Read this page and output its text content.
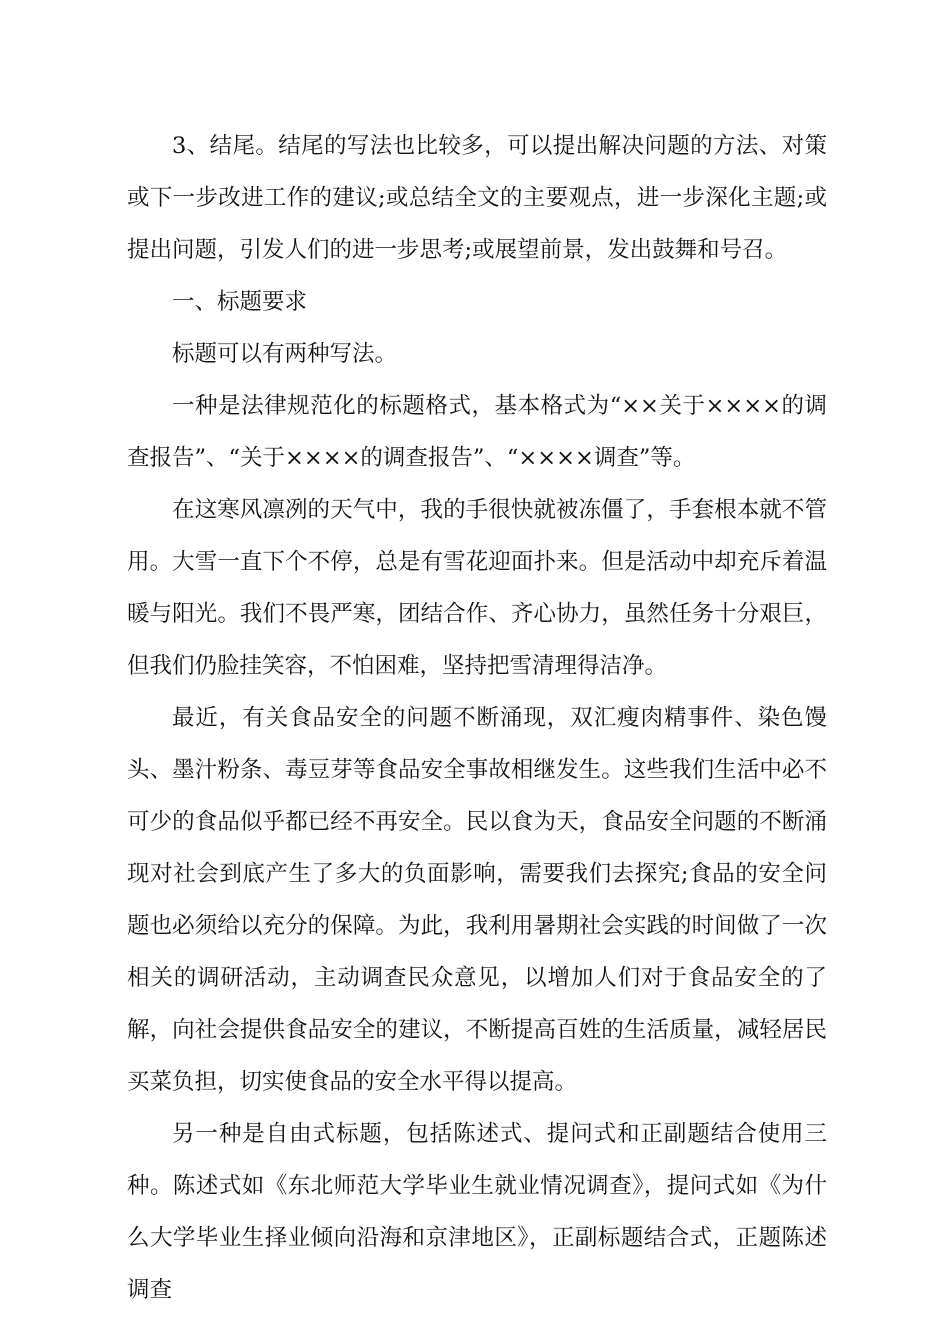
3、结尾。结尾的写法也比较多，可以提出解决问题的方法、对策或下一步改进工作的建议;或总结全文的主要观点，进一步深化主题;或提出问题，引发人们的进一步思考;或展望前景，发出鼓舞和号召。

一、标题要求

标题可以有两种写法。

一种是法律规范化的标题格式，基本格式为“××关于××××的调查报告”、“关于××××的调查报告”、“××××调查”等。

在这寒风凛冽的天气中，我的手很快就被冻僵了，手套根本就不管用。大雪一直下个不停，总是有雪花迎面扑来。但是活动中却充斥着温暖与阳光。我们不畏严寒，团结合作、齐心协力，虽然任务十分艰巨，但我们仍脸挂笑容，不怕困难，坚持把雪清理得洁净。

最近，有关食品安全的问题不断涌现，双汇瘦肉精事件、染色馒头、墨汁粉条、毒豆芽等食品安全事故相继发生。这些我们生活中必不可少的食品似乎都已经不再安全。民以食为天，食品安全问题的不断涌现对社会到底产生了多大的负面影响，需要我们去探究;食品的安全问题也必须给以充分的保障。为此，我利用暑期社会实践的时间做了一次相关的调研活动，主动调查民众意见，以增加人们对于食品安全的了解，向社会提供食品安全的建议，不断提高百姓的生活质量，减轻居民买菜负担，切实使食品的安全水平得以提高。

另一种是自由式标题，包括陈述式、提问式和正副题结合使用三种。陈述式如《东北师范大学毕业生就业情况调查》，提问式如《为什么大学毕业生择业倾向沿海和京津地区》，正副标题结合式，正题陈述调查
